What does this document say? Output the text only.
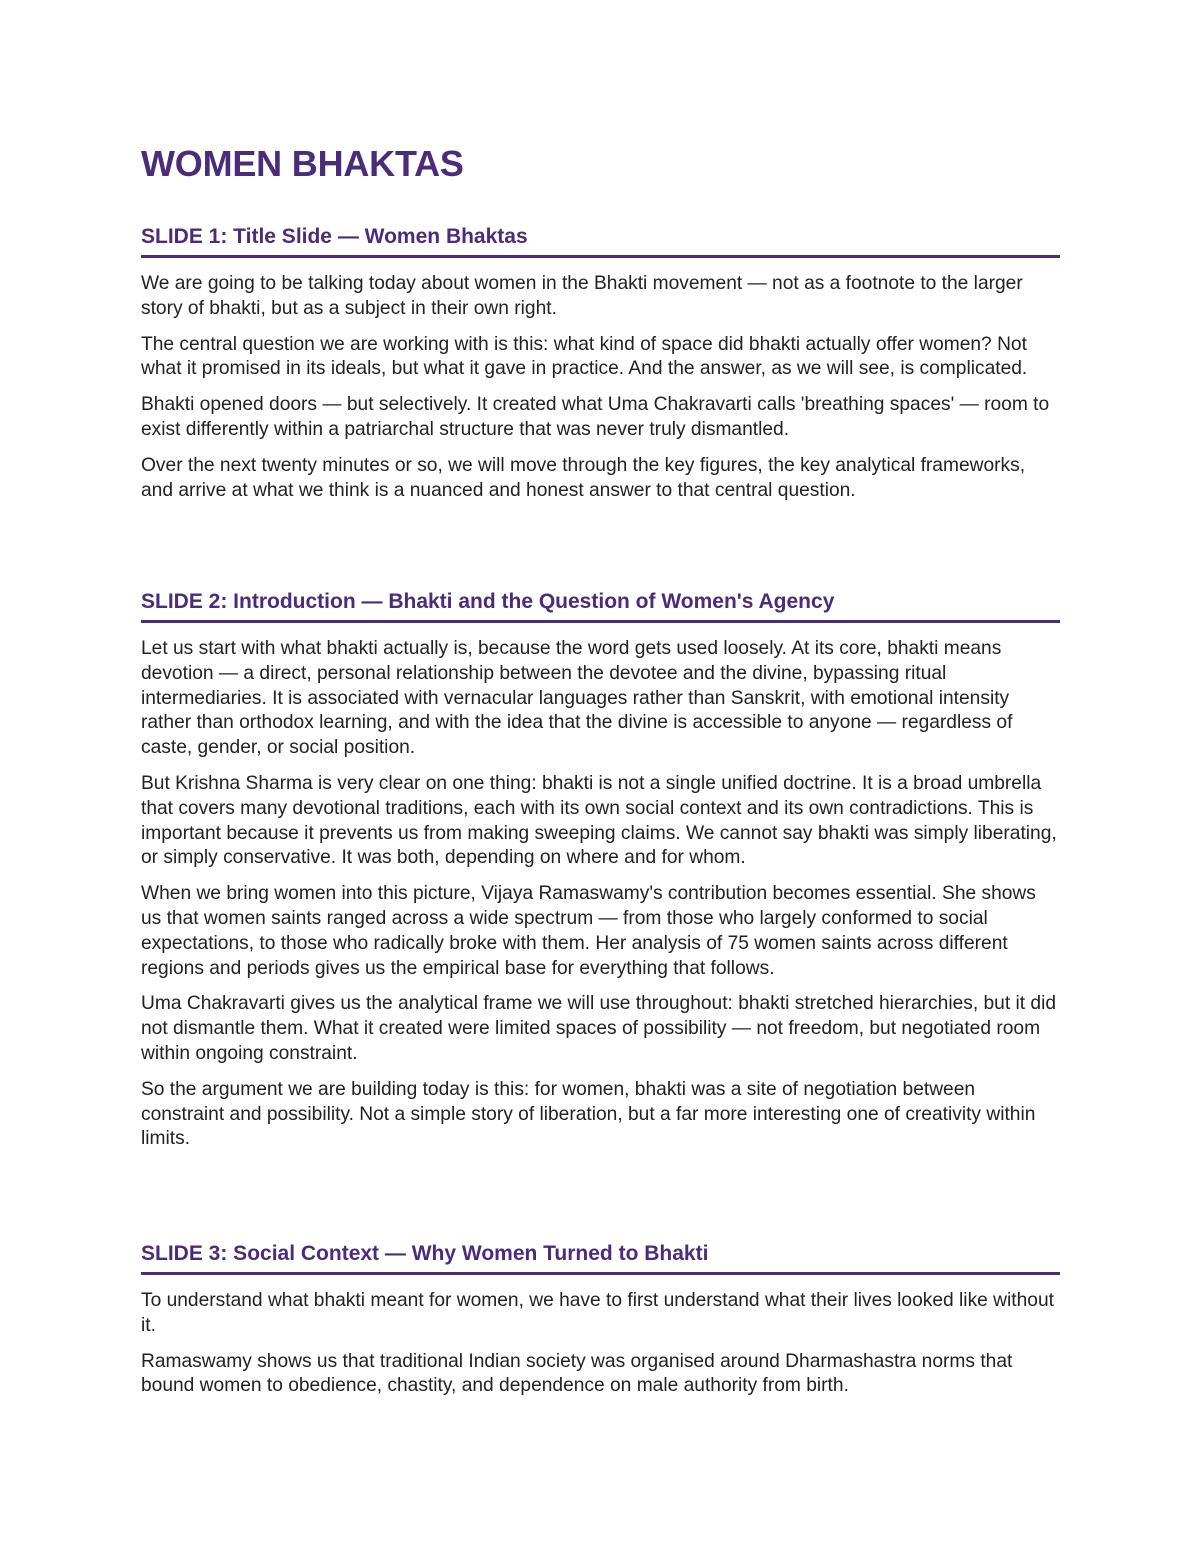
WOMEN BHAKTAS
SLIDE 1: Title Slide — Women Bhaktas

We are going to be talking today about women in the Bhakti movement — not as a footnote to the larger story of bhakti, but as a subject in their own right.

The central question we are working with is this: what kind of space did bhakti actually offer women? Not what it promised in its ideals, but what it gave in practice. And the answer, as we will see, is complicated.

Bhakti opened doors — but selectively. It created what Uma Chakravarti calls 'breathing spaces' — room to exist differently within a patriarchal structure that was never truly dismantled.

Over the next twenty minutes or so, we will move through the key figures, the key analytical frameworks, and arrive at what we think is a nuanced and honest answer to that central question.

SLIDE 2: Introduction — Bhakti and the Question of Women's Agency

Let us start with what bhakti actually is, because the word gets used loosely. At its core, bhakti means devotion — a direct, personal relationship between the devotee and the divine, bypassing ritual intermediaries. It is associated with vernacular languages rather than Sanskrit, with emotional intensity rather than orthodox learning, and with the idea that the divine is accessible to anyone — regardless of caste, gender, or social position.

But Krishna Sharma is very clear on one thing: bhakti is not a single unified doctrine. It is a broad umbrella that covers many devotional traditions, each with its own social context and its own contradictions. This is important because it prevents us from making sweeping claims. We cannot say bhakti was simply liberating, or simply conservative. It was both, depending on where and for whom.

When we bring women into this picture, Vijaya Ramaswamy's contribution becomes essential. She shows us that women saints ranged across a wide spectrum — from those who largely conformed to social expectations, to those who radically broke with them. Her analysis of 75 women saints across different regions and periods gives us the empirical base for everything that follows.

Uma Chakravarti gives us the analytical frame we will use throughout: bhakti stretched hierarchies, but it did not dismantle them. What it created were limited spaces of possibility — not freedom, but negotiated room within ongoing constraint.

So the argument we are building today is this: for women, bhakti was a site of negotiation between constraint and possibility. Not a simple story of liberation, but a far more interesting one of creativity within limits.

SLIDE 3: Social Context — Why Women Turned to Bhakti

To understand what bhakti meant for women, we have to first understand what their lives looked like without it.

Ramaswamy shows us that traditional Indian society was organised around Dharmashastra norms that bound women to obedience, chastity, and dependence on male authority from birth.
